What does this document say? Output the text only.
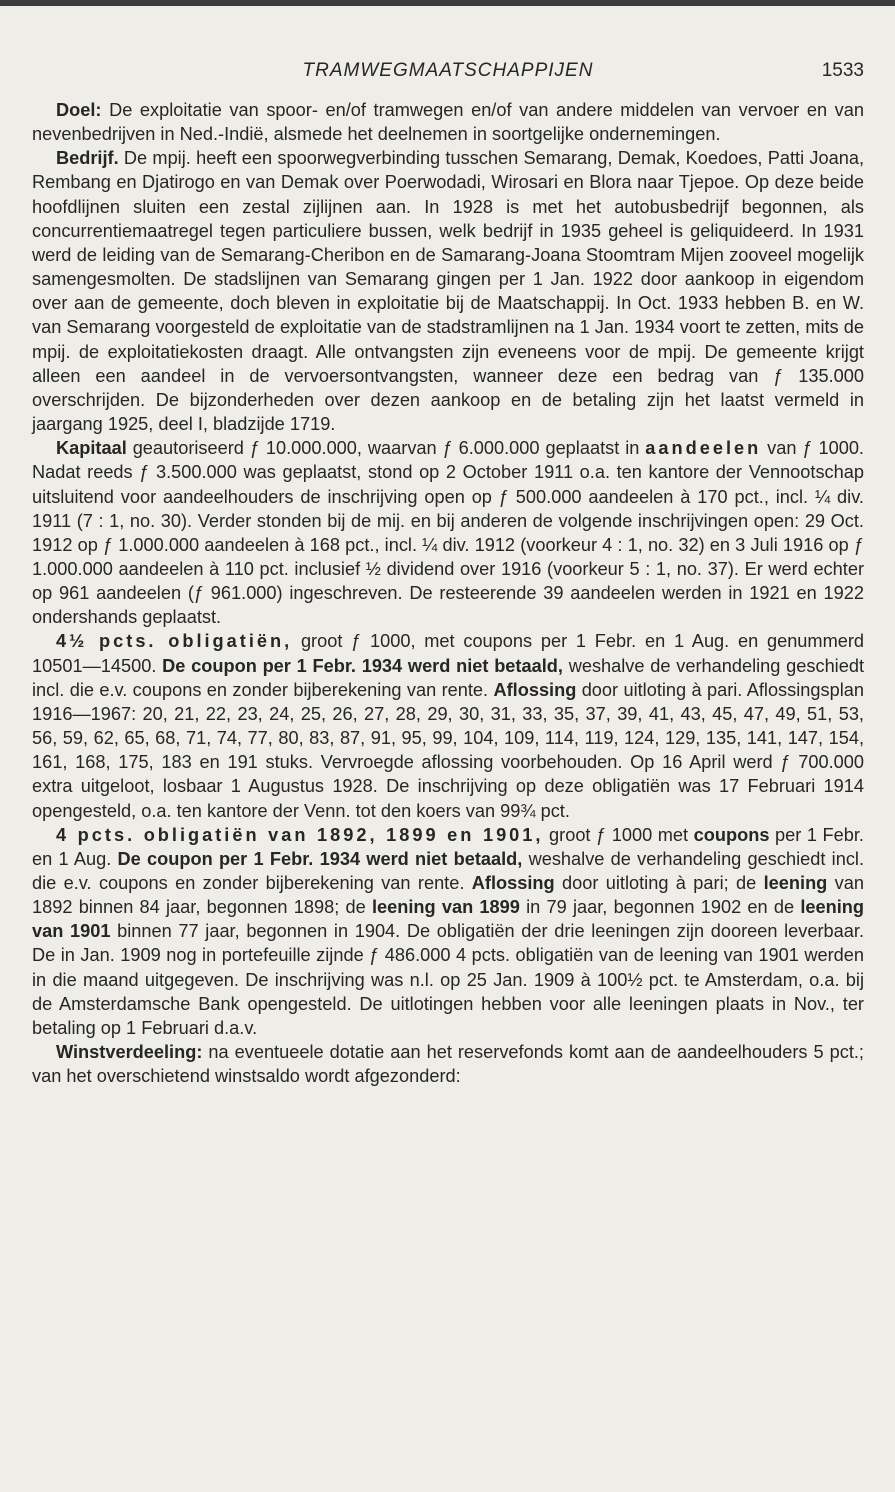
TRAMWEGMAATSCHAPPIJEN	1533

Doel: De exploitatie van spoor- en/of tramwegen en/of van andere middelen van vervoer en van nevenbedrijven in Ned.-Indië, alsmede het deelnemen in soortgelijke ondernemingen.

Bedrijf. De mpij. heeft een spoorwegverbinding tusschen Semarang, Demak, Koedoes, Patti Joana, Rembang en Djatirogo en van Demak over Poerwodadi, Wirosari en Blora naar Tjepoe. Op deze beide hoofdlijnen sluiten een zestal zijlijnen aan. In 1928 is met het autobusbedrijf begonnen, als concurrentiemaatregel tegen particuliere bussen, welk bedrijf in 1935 geheel is geliquideerd. In 1931 werd de leiding van de Semarang-Cheribon en de Samarang-Joana Stoomtram Mijen zooveel mogelijk samengesmolten. De stadslijnen van Semarang gingen per 1 Jan. 1922 door aankoop in eigendom over aan de gemeente, doch bleven in exploitatie bij de Maatschappij. In Oct. 1933 hebben B. en W. van Semarang voorgesteld de exploitatie van de stadstramlijnen na 1 Jan. 1934 voort te zetten, mits de mpij. de exploitatiekosten draagt. Alle ontvangsten zijn eveneens voor de mpij. De gemeente krijgt alleen een aandeel in de vervoersontvangsten, wanneer deze een bedrag van ƒ 135.000 overschrijden. De bijzonderheden over dezen aankoop en de betaling zijn het laatst vermeld in jaargang 1925, deel I, bladzijde 1719.

Kapitaal geautoriseerd ƒ 10.000.000, waarvan ƒ 6.000.000 geplaatst in aandeelen van ƒ 1000. Nadat reeds ƒ 3.500.000 was geplaatst, stond op 2 October 1911 o.a. ten kantore der Vennootschap uitsluitend voor aandeelhouders de inschrijving open op ƒ 500.000 aandeelen à 170 pct., incl. ¼ div. 1911 (7 : 1, no. 30). Verder stonden bij de mij. en bij anderen de volgende inschrijvingen open: 29 Oct. 1912 op ƒ 1.000.000 aandeelen à 168 pct., incl. ¼ div. 1912 (voorkeur 4 : 1, no. 32) en 3 Juli 1916 op ƒ 1.000.000 aandeelen à 110 pct. inclusief ½ dividend over 1916 (voorkeur 5 : 1, no. 37). Er werd echter op 961 aandeelen (ƒ 961.000) ingeschreven. De resteerende 39 aandeelen werden in 1921 en 1922 ondershands geplaatst.

4½ pcts. obligatiën, groot ƒ 1000, met coupons per 1 Febr. en 1 Aug. en genummerd 10501—14500. De coupon per 1 Febr. 1934 werd niet betaald, weshalve de verhandeling geschiedt incl. die e.v. coupons en zonder bijberekening van rente. Aflossing door uitloting à pari. Aflossingsplan 1916—1967: 20, 21, 22, 23, 24, 25, 26, 27, 28, 29, 30, 31, 33, 35, 37, 39, 41, 43, 45, 47, 49, 51, 53, 56, 59, 62, 65, 68, 71, 74, 77, 80, 83, 87, 91, 95, 99, 104, 109, 114, 119, 124, 129, 135, 141, 147, 154, 161, 168, 175, 183 en 191 stuks. Vervroegde aflossing voorbehouden. Op 16 April werd ƒ 700.000 extra uitgeloot, losbaar 1 Augustus 1928. De inschrijving op deze obligatiën was 17 Februari 1914 opengesteld, o.a. ten kantore der Venn. tot den koers van 99¾ pct.

4 pcts. obligatiën van 1892, 1899 en 1901, groot ƒ 1000 met coupons per 1 Febr. en 1 Aug. De coupon per 1 Febr. 1934 werd niet betaald, weshalve de verhandeling geschiedt incl. die e.v. coupons en zonder bijberekening van rente. Aflossing door uitloting à pari; de leening van 1892 binnen 84 jaar, begonnen 1898; de leening van 1899 in 79 jaar, begonnen 1902 en de leening van 1901 binnen 77 jaar, begonnen in 1904. De obligatiën der drie leeningen zijn dooreen leverbaar. De in Jan. 1909 nog in portefeuille zijnde ƒ 486.000 4 pcts. obligatiën van de leening van 1901 werden in die maand uitgegeven. De inschrijving was n.l. op 25 Jan. 1909 à 100½ pct. te Amsterdam, o.a. bij de Amsterdamsche Bank opengesteld. De uitlotingen hebben voor alle leeningen plaats in Nov., ter betaling op 1 Februari d.a.v.

Winstverdeeling: na eventueele dotatie aan het reservefonds komt aan de aandeelhouders 5 pct.; van het overschietend winstsaldo wordt afgezonderd:
